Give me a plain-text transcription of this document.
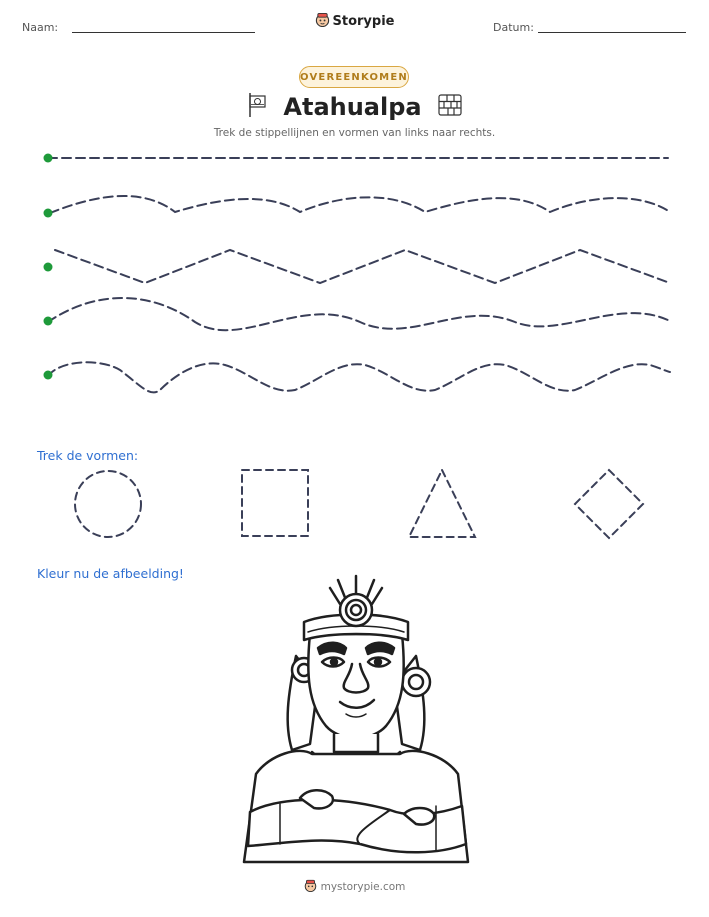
Naam:	Storypie	Datum:
OVEREENKOMEN
Atahualpa
Trek de stippellijnen en vormen van links naar rechts.
Trek de vormen:
Kleur nu de afbeelding!
mystorypie.com
